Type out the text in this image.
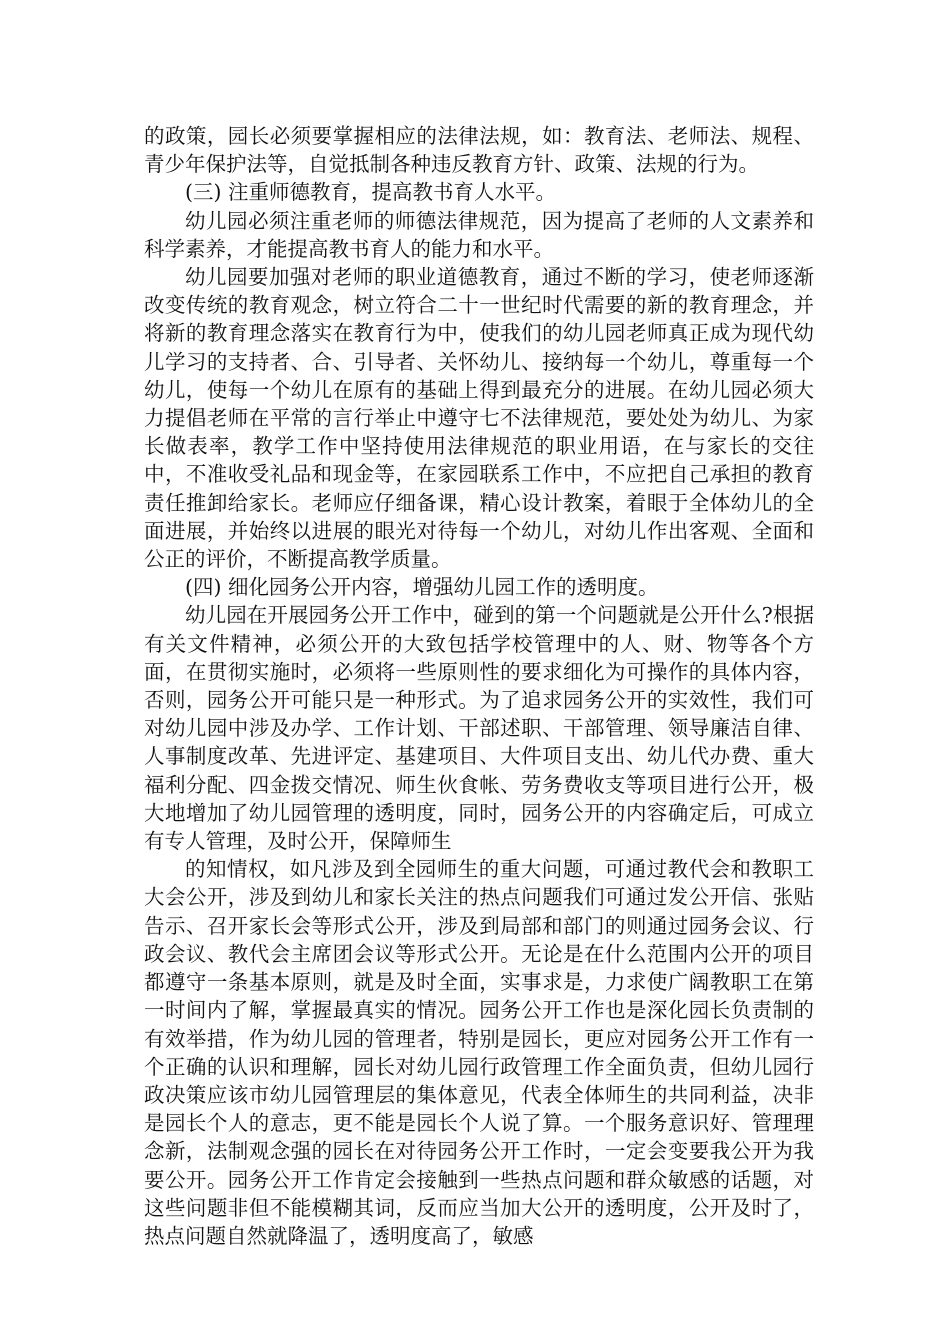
的政策，园长必须要掌握相应的法律法规，如：教育法、老师法、规程、青少年保护法等，自觉抵制各种违反教育方针、政策、法规的行为。

(三) 注重师德教育，提高教书育人水平。

幼儿园必须注重老师的师德法律规范，因为提高了老师的人文素养和科学素养，才能提高教书育人的能力和水平。

幼儿园要加强对老师的职业道德教育，通过不断的学习，使老师逐渐改变传统的教育观念，树立符合二十一世纪时代需要的新的教育理念，并将新的教育理念落实在教育行为中，使我们的幼儿园老师真正成为现代幼儿学习的支持者、合、引导者、关怀幼儿、接纳每一个幼儿，尊重每一个幼儿，使每一个幼儿在原有的基础上得到最充分的进展。在幼儿园必须大力提倡老师在平常的言行举止中遵守七不法律规范，要处处为幼儿、为家长做表率，教学工作中坚持使用法律规范的职业用语，在与家长的交往中，不准收受礼品和现金等，在家园联系工作中，不应把自己承担的教育责任推卸给家长。老师应仔细备课，精心设计教案，着眼于全体幼儿的全面进展，并始终以进展的眼光对待每一个幼儿，对幼儿作出客观、全面和公正的评价，不断提高教学质量。

(四) 细化园务公开内容，增强幼儿园工作的透明度。

幼儿园在开展园务公开工作中，碰到的第一个问题就是公开什么?根据有关文件精神，必须公开的大致包括学校管理中的人、财、物等各个方面，在贯彻实施时，必须将一些原则性的要求细化为可操作的具体内容，否则，园务公开可能只是一种形式。为了追求园务公开的实效性，我们可对幼儿园中涉及办学、工作计划、干部述职、干部管理、领导廉洁自律、人事制度改革、先进评定、基建项目、大件项目支出、幼儿代办费、重大福利分配、四金拨交情况、师生伙食帐、劳务费收支等项目进行公开，极大地增加了幼儿园管理的透明度，同时，园务公开的内容确定后，可成立有专人管理，及时公开，保障师生

的知情权，如凡涉及到全园师生的重大问题，可通过教代会和教职工大会公开，涉及到幼儿和家长关注的热点问题我们可通过发公开信、张贴告示、召开家长会等形式公开，涉及到局部和部门的则通过园务会议、行政会议、教代会主席团会议等形式公开。无论是在什么范围内公开的项目都遵守一条基本原则，就是及时全面，实事求是，力求使广阔教职工在第一时间内了解，掌握最真实的情况。园务公开工作也是深化园长负责制的有效举措，作为幼儿园的管理者，特别是园长，更应对园务公开工作有一个正确的认识和理解，园长对幼儿园行政管理工作全面负责，但幼儿园行政决策应该市幼儿园管理层的集体意见，代表全体师生的共同利益，决非是园长个人的意志，更不能是园长个人说了算。一个服务意识好、管理理念新，法制观念强的园长在对待园务公开工作时，一定会变要我公开为我要公开。园务公开工作肯定会接触到一些热点问题和群众敏感的话题，对这些问题非但不能模糊其词，反而应当加大公开的透明度，公开及时了，热点问题自然就降温了，透明度高了，敏感
